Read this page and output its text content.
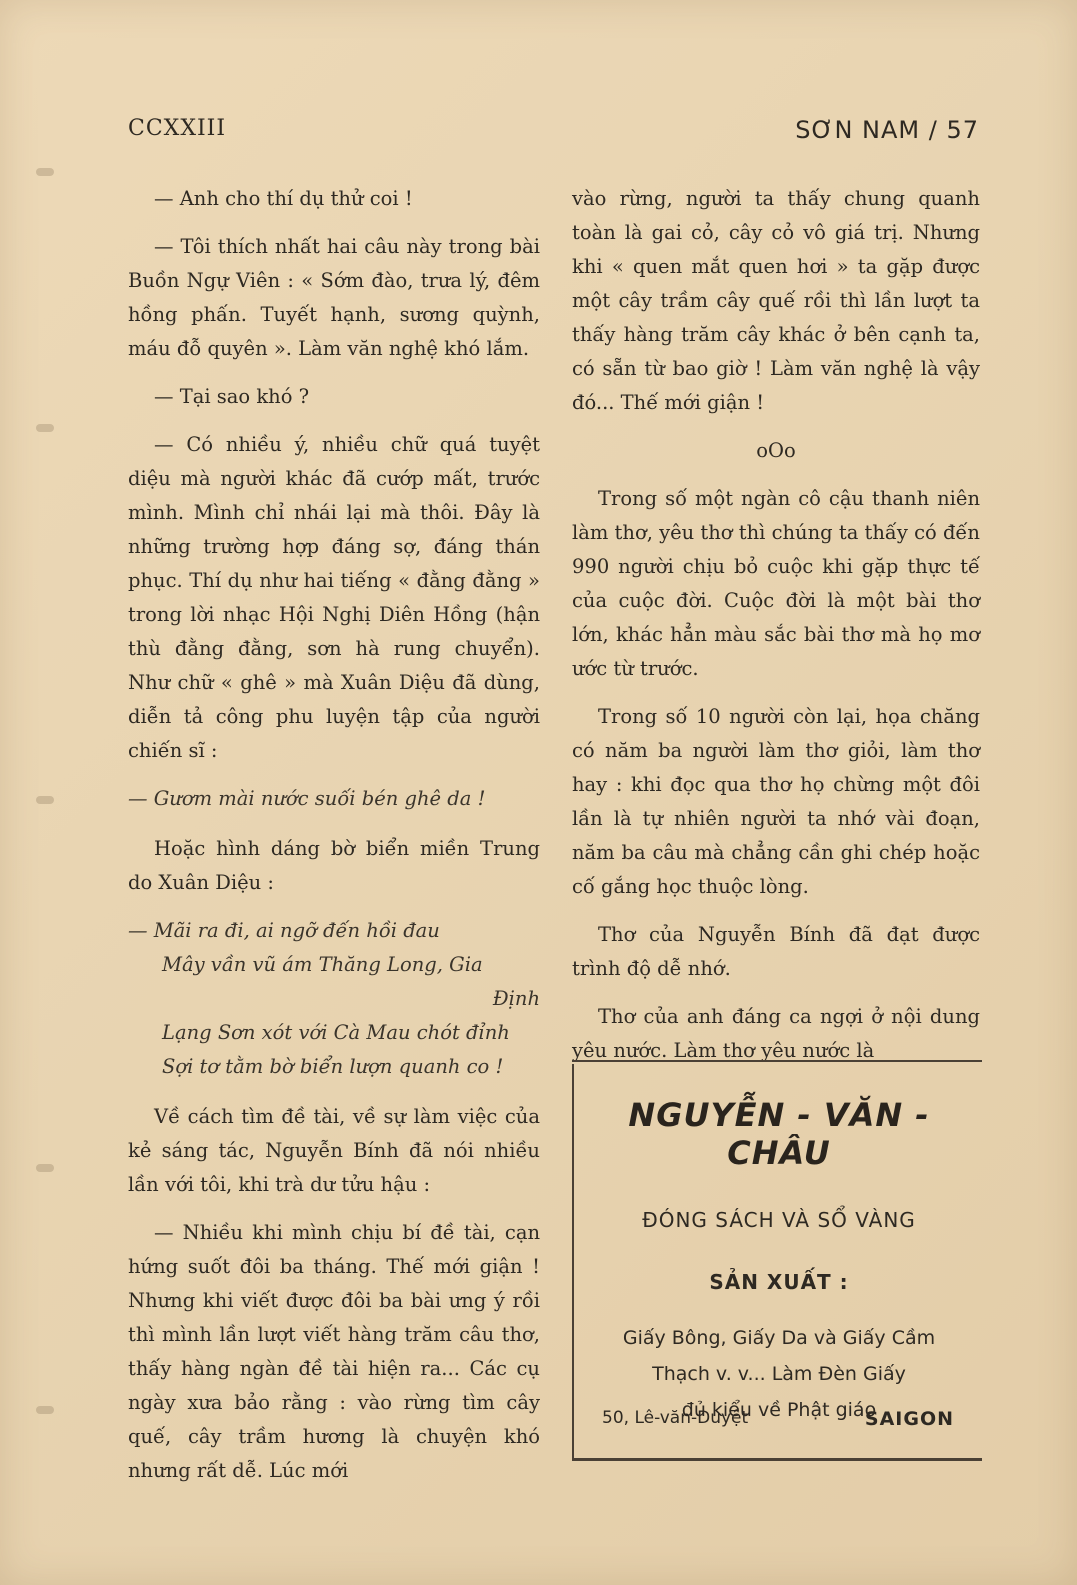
CCXXIII	SƠN NAM / 57

— Anh cho thí dụ thử coi !

— Tôi thích nhất hai câu này trong bài Buồn Ngự Viên : « Sớm đào, trưa lý, đêm hồng phấn. Tuyết hạnh, sương quỳnh, máu đỗ quyên ». Làm văn nghệ khó lắm.

— Tại sao khó ?

— Có nhiều ý, nhiều chữ quá tuyệt diệu mà người khác đã cướp mất, trước mình. Mình chỉ nhái lại mà thôi. Đây là những trường hợp đáng sợ, đáng thán phục. Thí dụ như hai tiếng « đằng đằng » trong lời nhạc Hội Nghị Diên Hồng (hận thù đằng đằng, sơn hà rung chuyển). Như chữ « ghê » mà Xuân Diệu đã dùng, diễn tả công phu luyện tập của người chiến sĩ :

— Gươm mài nước suối bén ghê da !

Hoặc hình dáng bờ biển miền Trung do Xuân Diệu :

— Mãi ra đi, ai ngỡ đến hồi đau
Mây vần vũ ám Thăng Long, Gia
Định
Lạng Sơn xót với Cà Mau chót đỉnh
Sợi tơ tằm bờ biển lượn quanh co !

Về cách tìm đề tài, về sự làm việc của kẻ sáng tác, Nguyễn Bính đã nói nhiều lần với tôi, khi trà dư tửu hậu :

— Nhiều khi mình chịu bí đề tài, cạn hứng suốt đôi ba tháng. Thế mới giận ! Nhưng khi viết được đôi ba bài ưng ý rồi thì mình lần lượt viết hàng trăm câu thơ, thấy hàng ngàn đề tài hiện ra... Các cụ ngày xưa bảo rằng : vào rừng tìm cây quế, cây trầm hương là chuyện khó nhưng rất dễ. Lúc mới

vào rừng, người ta thấy chung quanh toàn là gai cỏ, cây cỏ vô giá trị. Nhưng khi « quen mắt quen hơi » ta gặp được một cây trầm cây quế rồi thì lần lượt ta thấy hàng trăm cây khác ở bên cạnh ta, có sẵn từ bao giờ ! Làm văn nghệ là vậy đó... Thế mới giận !

oOo

Trong số một ngàn cô cậu thanh niên làm thơ, yêu thơ thì chúng ta thấy có đến 990 người chịu bỏ cuộc khi gặp thực tế của cuộc đời. Cuộc đời là một bài thơ lớn, khác hẳn màu sắc bài thơ mà họ mơ ước từ trước.

Trong số 10 người còn lại, họa chăng có năm ba người làm thơ giỏi, làm thơ hay : khi đọc qua thơ họ chừng một đôi lần là tự nhiên người ta nhớ vài đoạn, năm ba câu mà chẳng cần ghi chép hoặc cố gắng học thuộc lòng.

Thơ của Nguyễn Bính đã đạt được trình độ dễ nhớ.

Thơ của anh đáng ca ngợi ở nội dung yêu nước. Làm thơ yêu nước là

NGUYỄN - VĂN - CHÂU
ĐÓNG SÁCH VÀ SỔ VÀNG
SẢN XUẤT :
Giấy Bông, Giấy Da và Giấy Cầm
Thạch v. v... Làm Đèn Giấy
đủ kiểu về Phật giáo
50, Lê-văn-Duyệt	SAIGON
